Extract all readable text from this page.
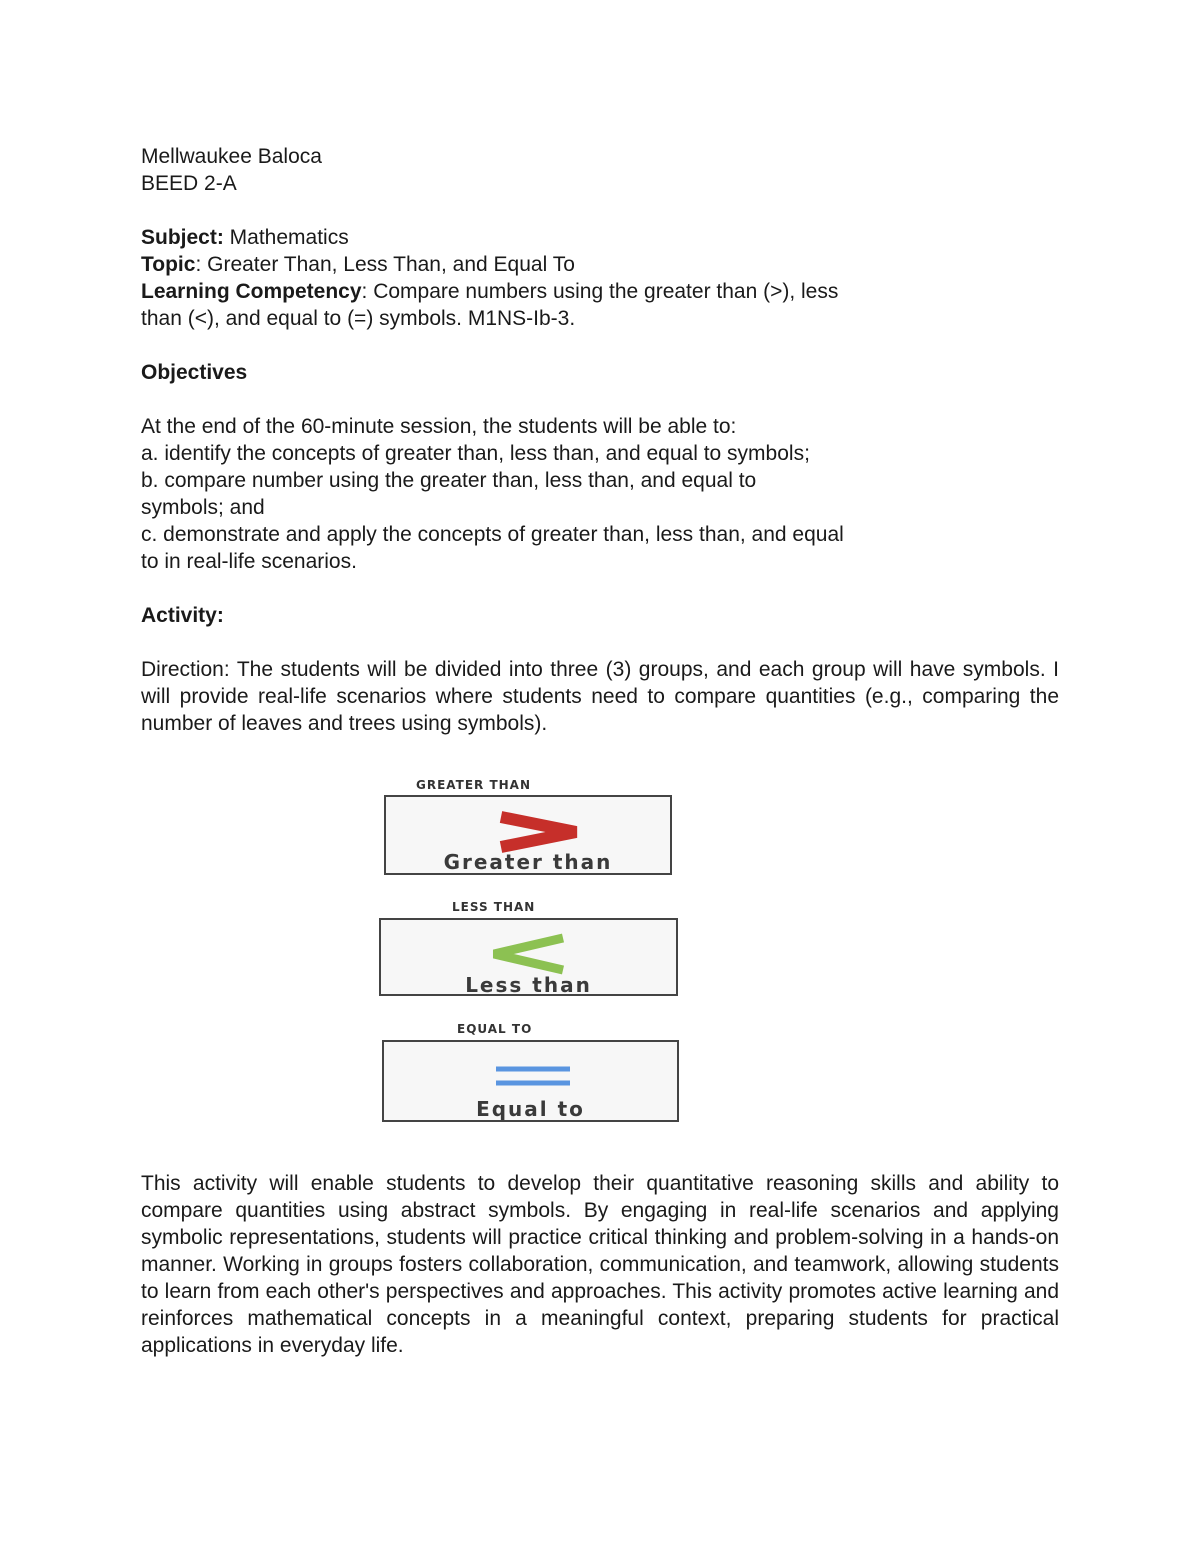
Mellwaukee Baloca

BEED 2-A

Subject: Mathematics

Topic: Greater Than, Less Than, and Equal To

Learning Competency: Compare numbers using the greater than (>), less

than (<), and equal to (=) symbols. M1NS-Ib-3.

Objectives

At the end of the 60-minute session, the students will be able to:

a. identify the concepts of greater than, less than, and equal to symbols;

b. compare number using the greater than, less than, and equal to

symbols; and

c. demonstrate and apply the concepts of greater than, less than, and equal

to in real-life scenarios.

Activity:

Direction: The students will be divided into three (3) groups, and each group will have symbols. I will provide real-life scenarios where students need to compare quantities (e.g., comparing the number of leaves and trees using symbols).

GREATER THAN
Greater than
LESS THAN
Less than
EQUAL TO
Equal to

This activity will enable students to develop their quantitative reasoning skills and ability to compare quantities using abstract symbols. By engaging in real-life scenarios and applying symbolic representations, students will practice critical thinking and problem-solving in a hands-on manner. Working in groups fosters collaboration, communication, and teamwork, allowing students to learn from each other's perspectives and approaches. This activity promotes active learning and reinforces mathematical concepts in a meaningful context, preparing students for practical applications in everyday life.
